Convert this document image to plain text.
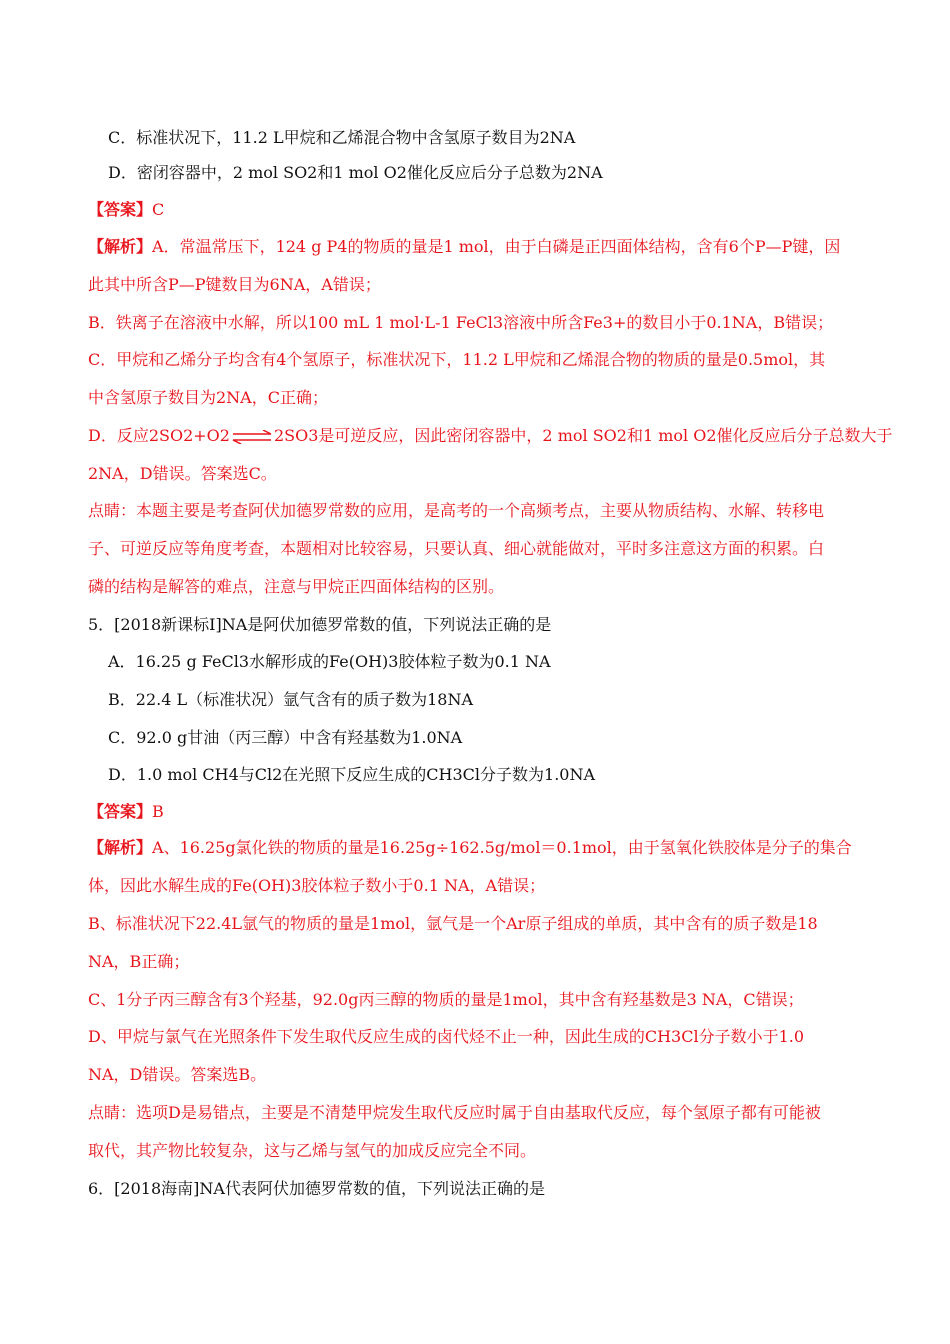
C．标准状况下，11.2 L甲烷和乙烯混合物中含氢原子数目为2NA
D．密闭容器中，2 mol SO2和1 mol O2催化反应后分子总数为2NA
【答案】C
【解析】A．常温常压下，124 g P4的物质的量是1 mol，由于白磷是正四面体结构，含有6个P—P键，因
此其中所含P—P键数目为6NA，A错误；
B．铁离子在溶液中水解，所以100 mL 1 mol·L-1 FeCl3溶液中所含Fe3+的数目小于0.1NA，B错误；
C．甲烷和乙烯分子均含有4个氢原子，标准状况下，11.2 L甲烷和乙烯混合物的物质的量是0.5mol，其
中含氢原子数目为2NA，C正确；
D．反应2SO2+O2 ⇌ 2SO3是可逆反应，因此密闭容器中，2 mol SO2和1 mol O2催化反应后分子总数大于
2NA，D错误。答案选C。
点睛：本题主要是考查阿伏加德罗常数的应用，是高考的一个高频考点，主要从物质结构、水解、转移电
子、可逆反应等角度考查，本题相对比较容易，只要认真、细心就能做对，平时多注意这方面的积累。白
磷的结构是解答的难点，注意与甲烷正四面体结构的区别。
5．[2018新课标Ⅰ]NA是阿伏加德罗常数的值，下列说法正确的是
A．16.25 g FeCl3水解形成的Fe(OH)3胶体粒子数为0.1 NA
B．22.4 L（标准状况）氩气含有的质子数为18NA
C．92.0 g甘油（丙三醇）中含有羟基数为1.0NA
D．1.0 mol CH4与Cl2在光照下反应生成的CH3Cl分子数为1.0NA
【答案】B
【解析】A、16.25g氯化铁的物质的量是16.25g÷162.5g/mol＝0.1mol，由于氢氧化铁胶体是分子的集合
体，因此水解生成的Fe(OH)3胶体粒子数小于0.1 NA，A错误；
B、标准状况下22.4L氩气的物质的量是1mol，氩气是一个Ar原子组成的单质，其中含有的质子数是18
NA，B正确；
C、1分子丙三醇含有3个羟基，92.0g丙三醇的物质的量是1mol，其中含有羟基数是3 NA，C错误；
D、甲烷与氯气在光照条件下发生取代反应生成的卤代烃不止一种，因此生成的CH3Cl分子数小于1.0
NA，D错误。答案选B。
点睛：选项D是易错点，主要是不清楚甲烷发生取代反应时属于自由基取代反应，每个氢原子都有可能被
取代，其产物比较复杂，这与乙烯与氢气的加成反应完全不同。
6．[2018海南]NA代表阿伏加德罗常数的值，下列说法正确的是
